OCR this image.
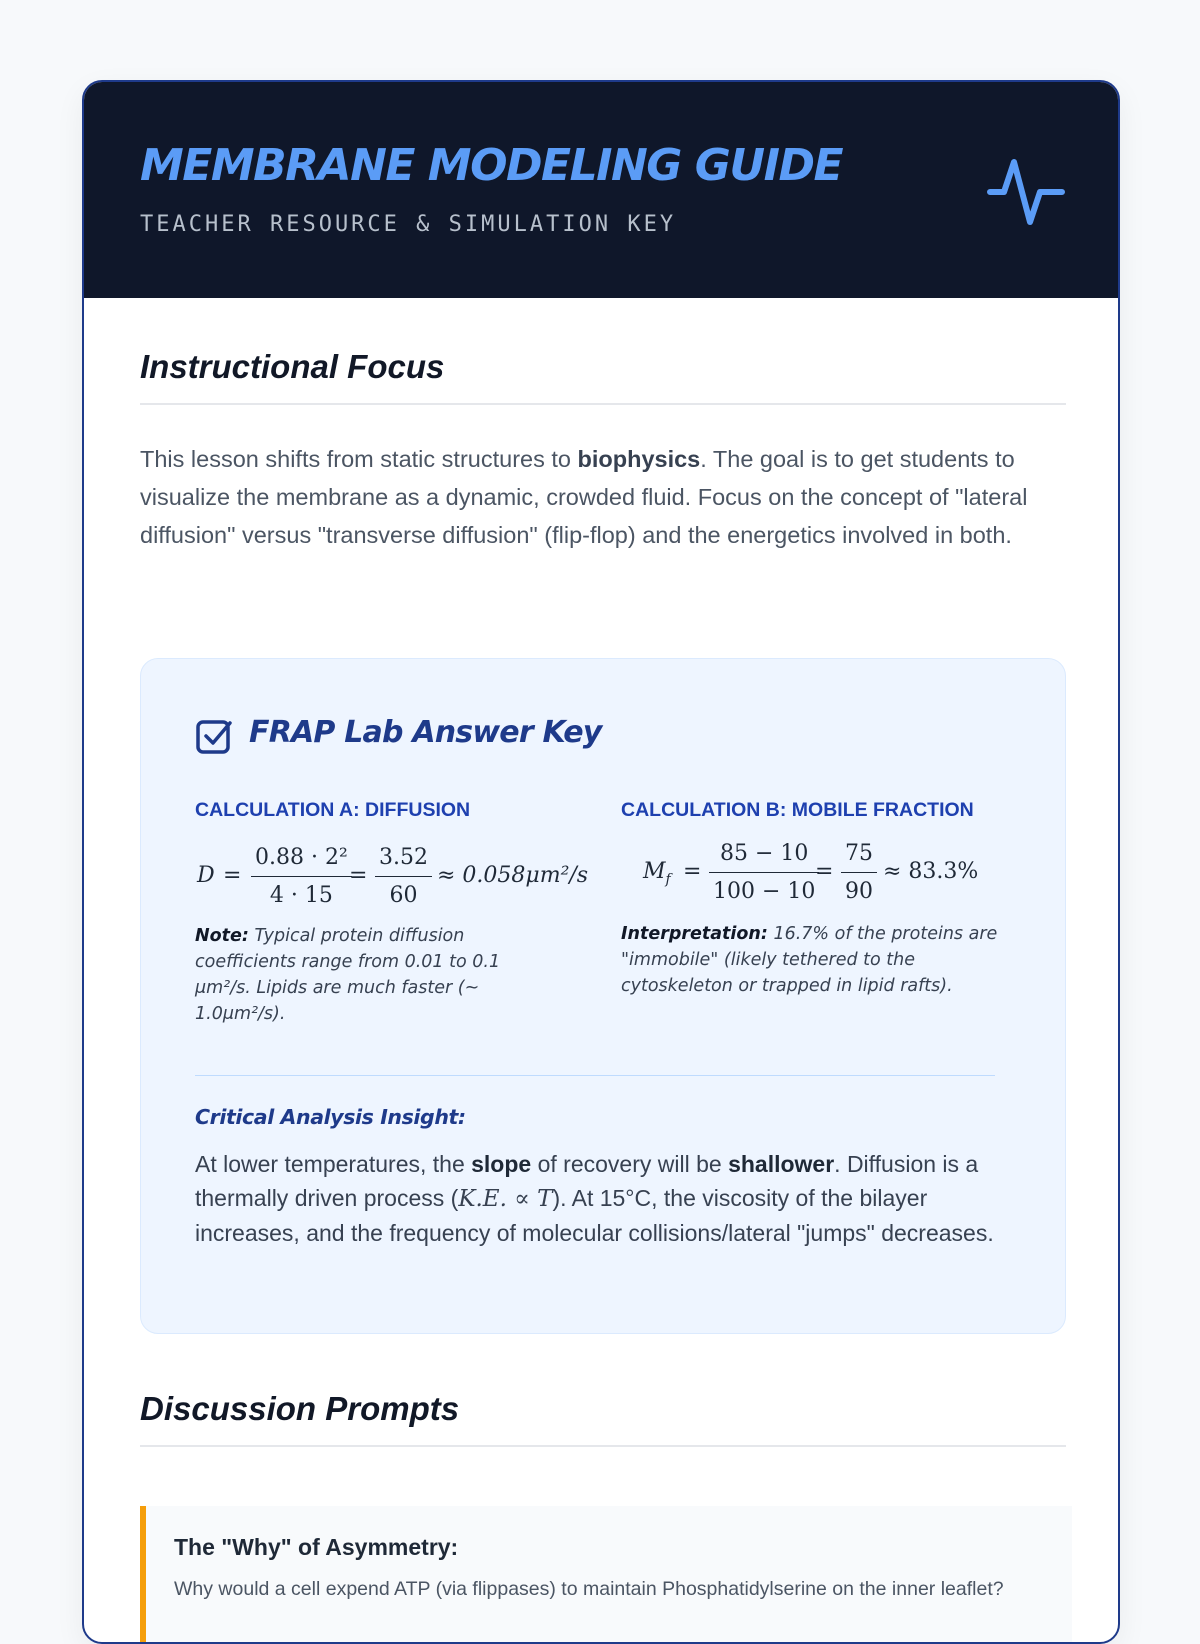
MEMBRANE MODELING GUIDE
TEACHER RESOURCE & SIMULATION KEY
Instructional Focus

This lesson shifts from static structures to biophysics. The goal is to get students to visualize the membrane as a dynamic, crowded fluid. Focus on the concept of "lateral diffusion" versus "transverse diffusion" (flip-flop) and the energetics involved in both.

FRAP Lab Answer Key
CALCULATION A: DIFFUSION
$D = \frac{\text{0.88 · 2²}}{4 \cdot 15}$
= $\frac{3.52}{60} \approx 0.058\mu m^2/s$

Note: Typical protein diffusion coefficients range from 0.01 to 0.1 μm²/s. Lipids are much faster (~ 1.0μm²/s).

CALCULATION B: MOBILE FRACTION
$M_f = \frac{85 - 10}{100 - 10}$
= $\frac{75}{90} \approx 83.3\%$

Interpretation: 16.7% of the proteins are "immobile" (likely tethered to the cytoskeleton or trapped in lipid rafts).

Critical Analysis Insight:

At lower temperatures, the slope of recovery will be shallower. Diffusion is a thermally driven process (K.E. ∝ T). At 15°C, the viscosity of the bilayer increases, and the frequency of molecular collisions/lateral "jumps" decreases.

Discussion Prompts
The "Why" of Asymmetry:

Why would a cell expend ATP (via flippases) to maintain Phosphatidylserine on the inner leaflet?
